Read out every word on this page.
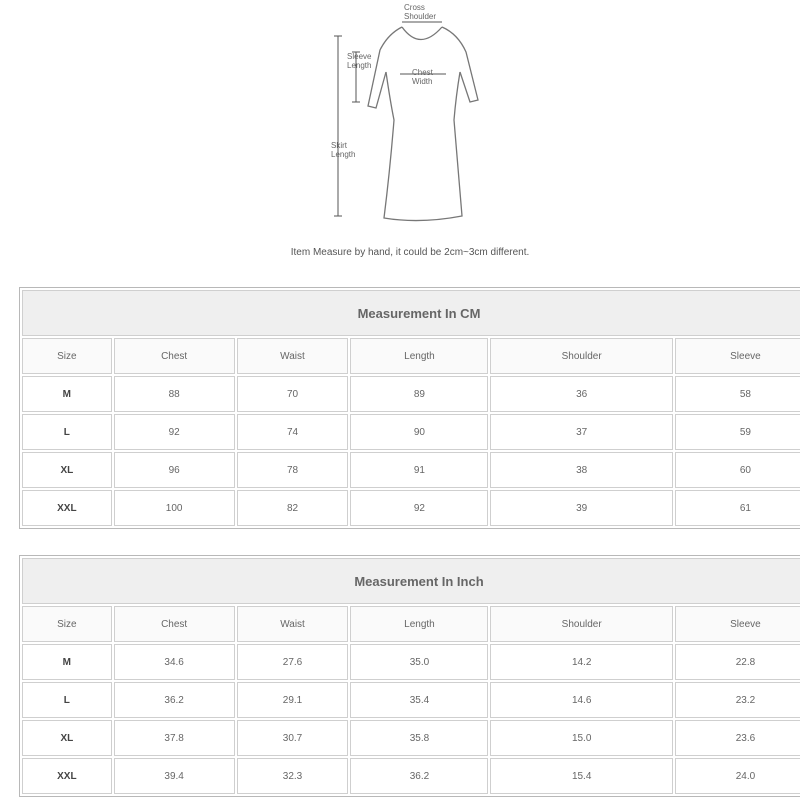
Cross
Shoulder
Sleeve
Length
Chest
Width
Skirt
Length
Item Measure by hand, it could be 2cm~3cm different.
Measurement In CM					
Size	Chest	Waist	Length	Shoulder	Sleeve
M	88	70	89	36	58
L	92	74	90	37	59
XL	96	78	91	38	60
XXL	100	82	92	39	61
Measurement In Inch					
Size	Chest	Waist	Length	Shoulder	Sleeve
M	34.6	27.6	35.0	14.2	22.8
L	36.2	29.1	35.4	14.6	23.2
XL	37.8	30.7	35.8	15.0	23.6
XXL	39.4	32.3	36.2	15.4	24.0
